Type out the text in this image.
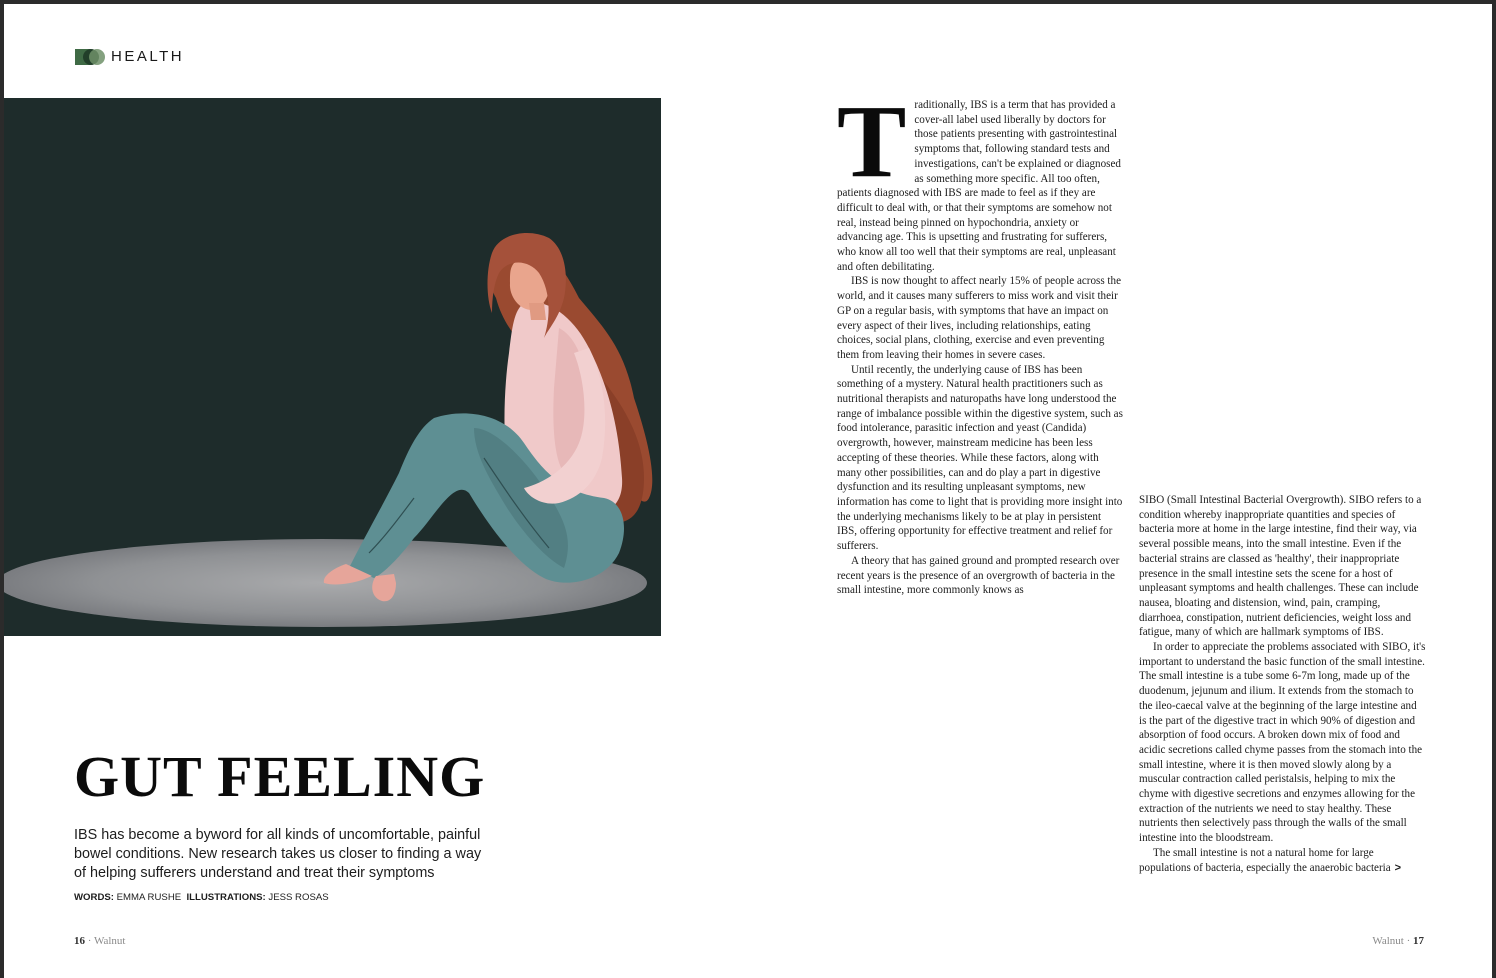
HEALTH
GUT FEELING

IBS has become a byword for all kinds of uncomfortable, painful bowel conditions. New research takes us closer to finding a way of helping sufferers understand and treat their symptoms

WORDS: EMMA RUSHE ILLUSTRATIONS: JESS ROSAS
T raditionally, IBS is a term that has provided a cover-all label used liberally by doctors for those patients presenting with gastrointestinal symptoms that, following standard tests and investigations, can't be explained or diagnosed as something more specific. All too often, patients diagnosed with IBS are made to feel as if they are difficult to deal with, or that their symptoms are somehow not real, instead being pinned on hypochondria, anxiety or advancing age. This is upsetting and frustrating for sufferers, who know all too well that their symptoms are real, unpleasant and often debilitating.

IBS is now thought to affect nearly 15% of people across the world, and it causes many sufferers to miss work and visit their GP on a regular basis, with symptoms that have an impact on every aspect of their lives, including relationships, eating choices, social plans, clothing, exercise and even preventing them from leaving their homes in severe cases.

Until recently, the underlying cause of IBS has been something of a mystery. Natural health practitioners such as nutritional therapists and naturopaths have long understood the range of imbalance possible within the digestive system, such as food intolerance, parasitic infection and yeast (Candida) overgrowth, however, mainstream medicine has been less accepting of these theories. While these factors, along with many other possibilities, can and do play a part in digestive dysfunction and its resulting unpleasant symptoms, new information has come to light that is providing more insight into the underlying mechanisms likely to be at play in persistent IBS, offering opportunity for effective treatment and relief for sufferers.

A theory that has gained ground and prompted research over recent years is the presence of an overgrowth of bacteria in the small intestine, more commonly knows as

SIBO (Small Intestinal Bacterial Overgrowth). SIBO refers to a condition whereby inappropriate quantities and species of bacteria more at home in the large intestine, find their way, via several possible means, into the small intestine. Even if the bacterial strains are classed as 'healthy', their inappropriate presence in the small intestine sets the scene for a host of unpleasant symptoms and health challenges. These can include nausea, bloating and distension, wind, pain, cramping, diarrhoea, constipation, nutrient deficiencies, weight loss and fatigue, many of which are hallmark symptoms of IBS.

In order to appreciate the problems associated with SIBO, it's important to understand the basic function of the small intestine. The small intestine is a tube some 6-7m long, made up of the duodenum, jejunum and ilium. It extends from the stomach to the ileo-caecal valve at the beginning of the large intestine and is the part of the digestive tract in which 90% of digestion and absorption of food occurs. A broken down mix of food and acidic secretions called chyme passes from the stomach into the small intestine, where it is then moved slowly along by a muscular contraction called peristalsis, helping to mix the chyme with digestive secretions and enzymes allowing for the extraction of the nutrients we need to stay healthy. These nutrients then selectively pass through the walls of the small intestine into the bloodstream.

The small intestine is not a natural home for large populations of bacteria, especially the anaerobic bacteria >

16 · Walnut	Walnut · 17
